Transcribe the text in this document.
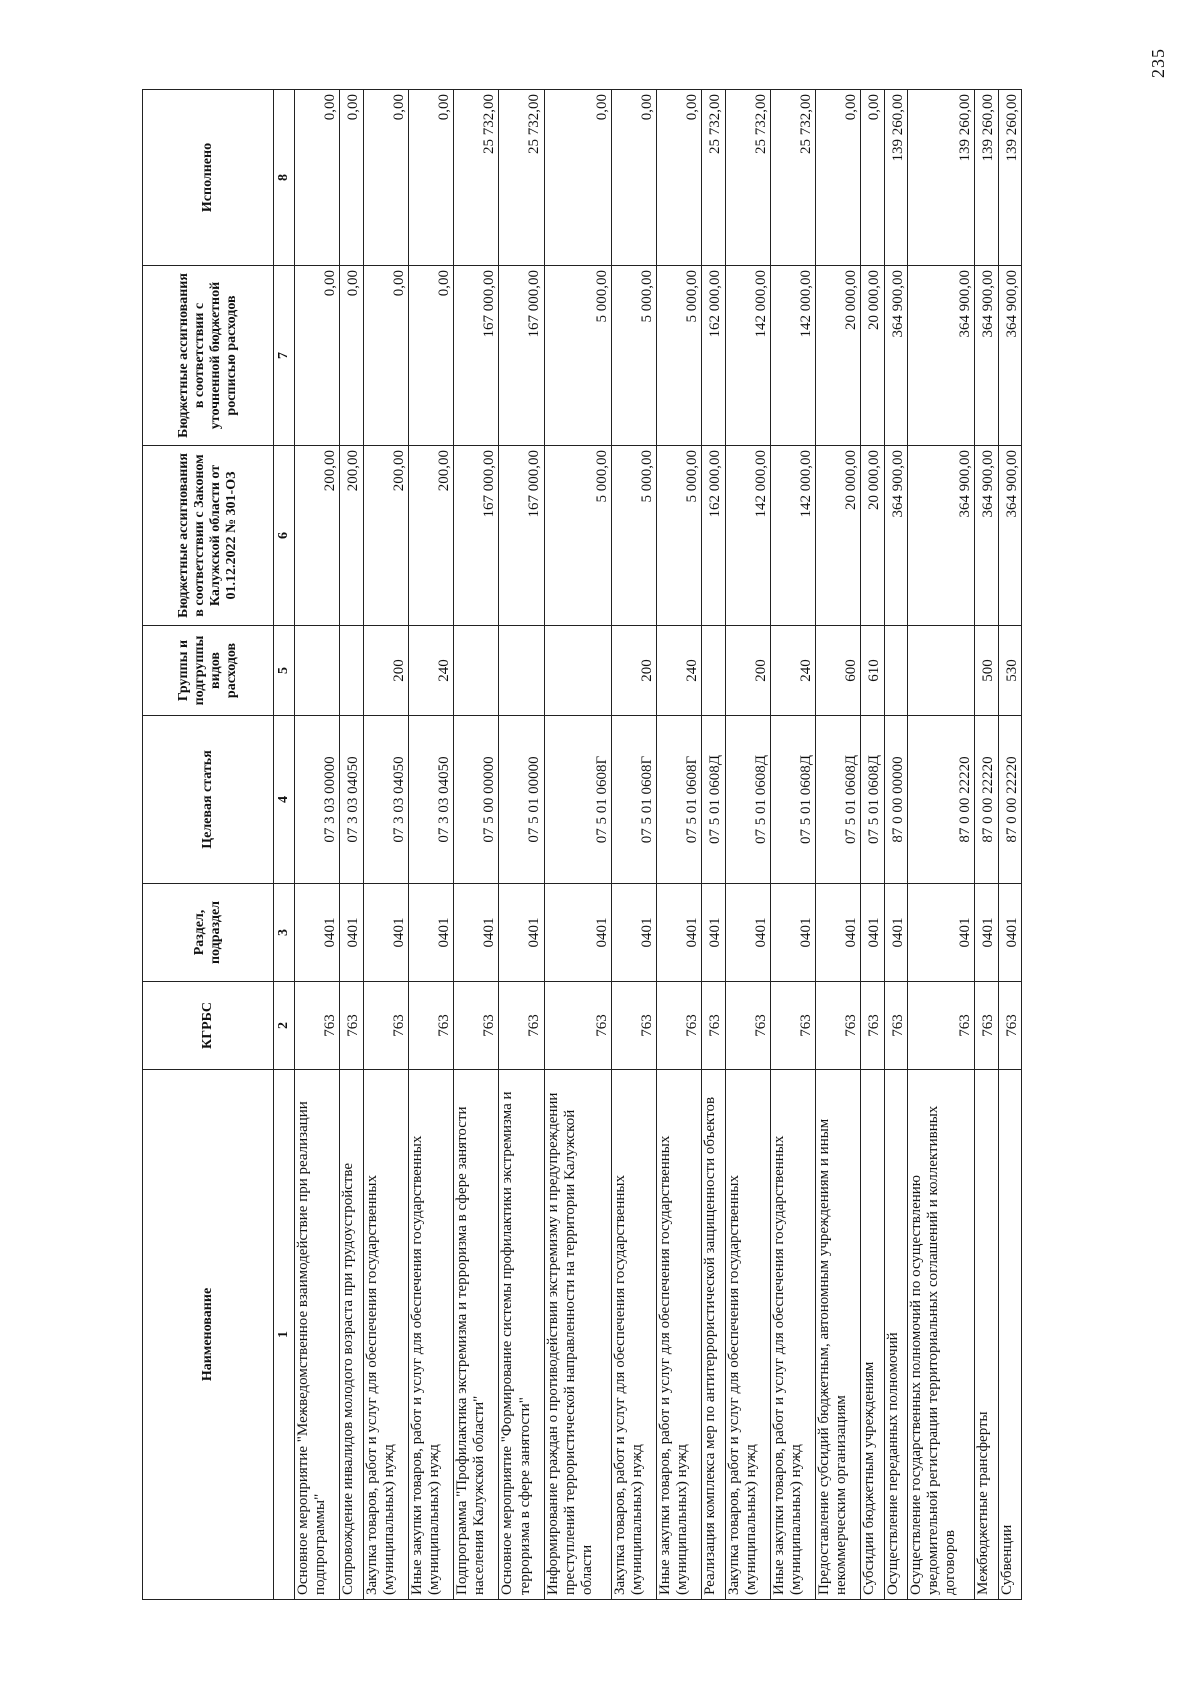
235
Наименование	КГРБС	Раздел, подраздел	Целевая статья	Группы и подгруппы видов расходов	Бюджетные ассигнования в соответствии с Законом Калужской области от 01.12.2022 № 301-ОЗ	Бюджетные ассигнования в соответствии с уточненной бюджетной росписью расходов	Исполнено
1	2	3	4	5	6	7	8
Основное мероприятие "Межведомственное взаимодействие при реализации подпрограммы"	763	0401	07 3 03 00000		200,00	0,00	0,00
Сопровождение инвалидов молодого возраста при трудоустройстве	763	0401	07 3 03 04050		200,00	0,00	0,00
Закупка товаров, работ и услуг для обеспечения государственных (муниципальных) нужд	763	0401	07 3 03 04050	200	200,00	0,00	0,00
Иные закупки товаров, работ и услуг для обеспечения государственных (муниципальных) нужд	763	0401	07 3 03 04050	240	200,00	0,00	0,00
Подпрограмма "Профилактика экстремизма и терроризма в сфере занятости населения Калужской области"	763	0401	07 5 00 00000		167 000,00	167 000,00	25 732,00
Основное мероприятие "Формирование системы профилактики экстремизма и терроризма в сфере занятости"	763	0401	07 5 01 00000		167 000,00	167 000,00	25 732,00
Информирование граждан о противодействии экстремизму и предупреждении преступлений террористической направленности на территории Калужской области	763	0401	07 5 01 0608Г		5 000,00	5 000,00	0,00
Закупка товаров, работ и услуг для обеспечения государственных (муниципальных) нужд	763	0401	07 5 01 0608Г	200	5 000,00	5 000,00	0,00
Иные закупки товаров, работ и услуг для обеспечения государственных (муниципальных) нужд	763	0401	07 5 01 0608Г	240	5 000,00	5 000,00	0,00
Реализация комплекса мер по антитеррористической защищенности объектов	763	0401	07 5 01 0608Д		162 000,00	162 000,00	25 732,00
Закупка товаров, работ и услуг для обеспечения государственных (муниципальных) нужд	763	0401	07 5 01 0608Д	200	142 000,00	142 000,00	25 732,00
Иные закупки товаров, работ и услуг для обеспечения государственных (муниципальных) нужд	763	0401	07 5 01 0608Д	240	142 000,00	142 000,00	25 732,00
Предоставление субсидий бюджетным, автономным учреждениям и иным некоммерческим организациям	763	0401	07 5 01 0608Д	600	20 000,00	20 000,00	0,00
Субсидии бюджетным учреждениям	763	0401	07 5 01 0608Д	610	20 000,00	20 000,00	0,00
Осуществление переданных полномочий	763	0401	87 0 00 00000		364 900,00	364 900,00	139 260,00
Осуществление государственных полномочий по осуществлению уведомительной регистрации территориальных соглашений и коллективных договоров	763	0401	87 0 00 22220		364 900,00	364 900,00	139 260,00
Межбюджетные трансферты	763	0401	87 0 00 22220	500	364 900,00	364 900,00	139 260,00
Субвенции	763	0401	87 0 00 22220	530	364 900,00	364 900,00	139 260,00
